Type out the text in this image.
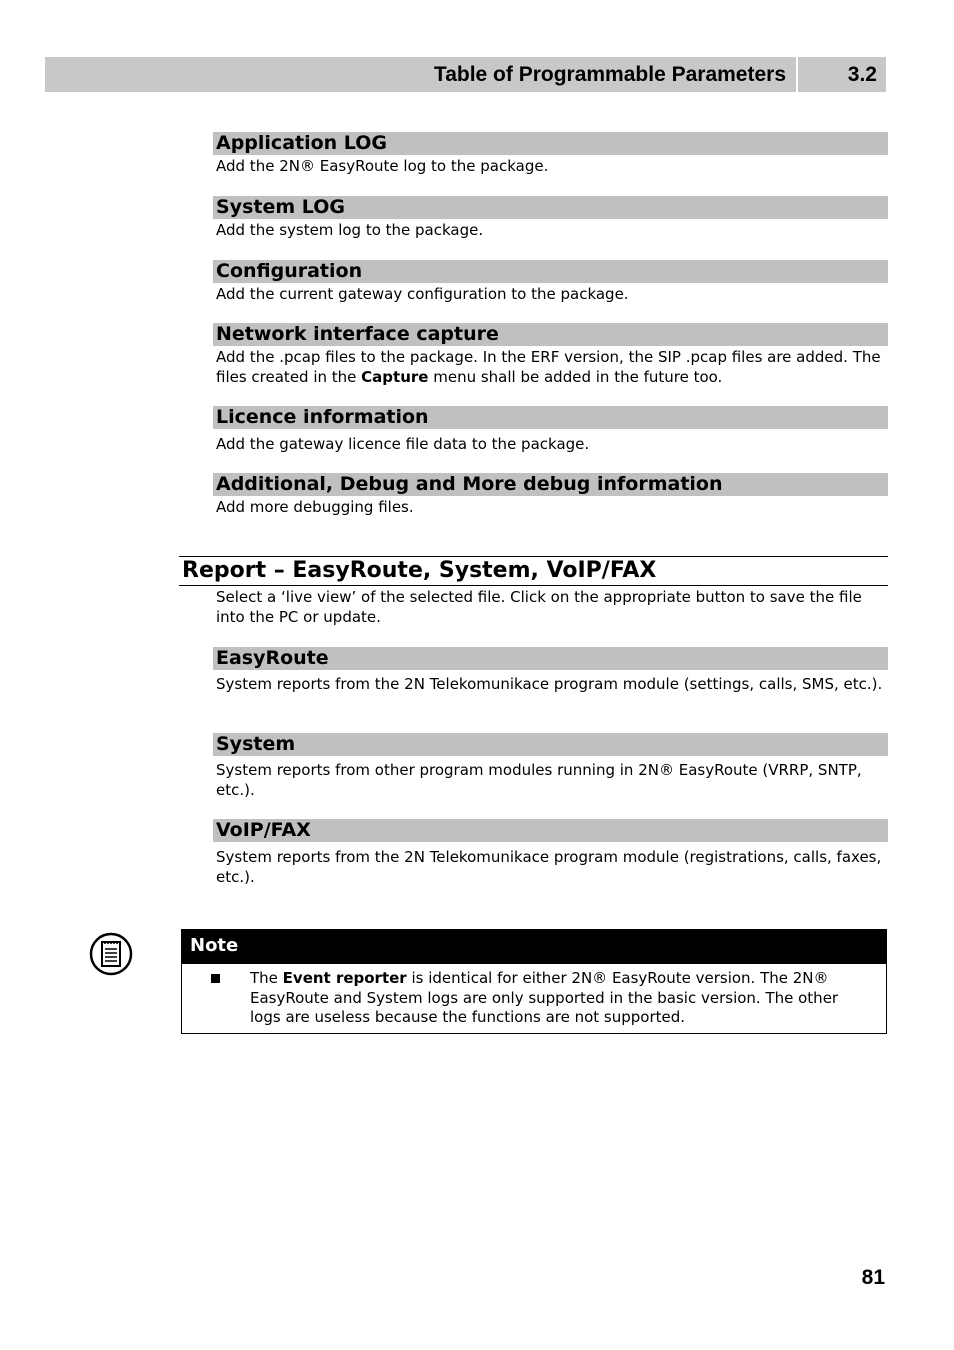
Table of Programmable Parameters	3.2
Application LOG
Add the 2N® EasyRoute log to the package.
System LOG
Add the system log to the package.
Configuration
Add the current gateway configuration to the package.
Network interface capture
Add the .pcap files to the package. In the ERF version, the SIP .pcap files are added. The files created in the Capture menu shall be added in the future too.
Licence information
Add the gateway licence file data to the package.
Additional, Debug and More debug information
Add more debugging files.
Report – EasyRoute, System, VoIP/FAX
Select a ‘live view’ of the selected file. Click on the appropriate button to save the file into the PC or update.
EasyRoute
System reports from the 2N Telekomunikace program module (settings, calls, SMS, etc.).
System
System reports from other program modules running in 2N® EasyRoute (VRRP, SNTP, etc.).
VoIP/FAX
System reports from the 2N Telekomunikace program module (registrations, calls, faxes, etc.).
Note
The Event reporter is identical for either 2N® EasyRoute version. The 2N® EasyRoute and System logs are only supported in the basic version. The other logs are useless because the functions are not supported.
81
